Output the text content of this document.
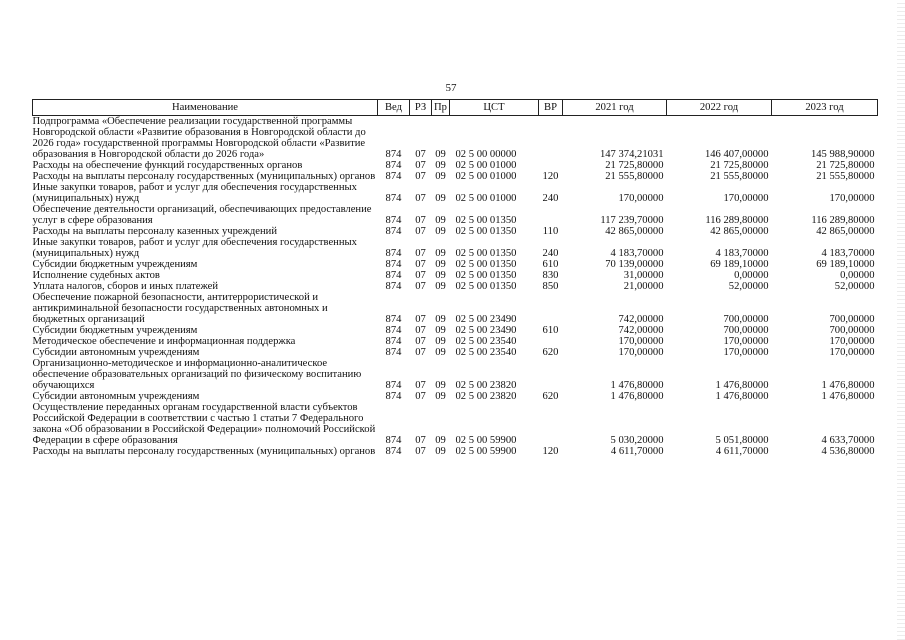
57
Наименование	Вед	РЗ	Пр	ЦСТ	ВР	2021 год	2022 год	2023 год
Подпрограмма «Обеспечение реализации государственной программы Новгородской области «Развитие образования в Новгородской области до 2026 года» государственной программы Новгородской области «Развитие образования в Новгородской области до 2026 года»	874	07	09	02 5 00 00000		147 374,21031	146 407,00000	145 988,90000
Расходы на обеспечение функций государственных органов	874	07	09	02 5 00 01000		21 725,80000	21 725,80000	21 725,80000
Расходы на выплаты персоналу государственных (муниципальных) органов	874	07	09	02 5 00 01000	120	21 555,80000	21 555,80000	21 555,80000
Иные закупки товаров, работ и услуг для обеспечения государственных (муниципальных) нужд	874	07	09	02 5 00 01000	240	170,00000	170,00000	170,00000
Обеспечение деятельности организаций, обеспечивающих предоставление услуг в сфере образования	874	07	09	02 5 00 01350		117 239,70000	116 289,80000	116 289,80000
Расходы на выплаты персоналу казенных учреждений	874	07	09	02 5 00 01350	110	42 865,00000	42 865,00000	42 865,00000
Иные закупки товаров, работ и услуг для обеспечения государственных (муниципальных) нужд	874	07	09	02 5 00 01350	240	4 183,70000	4 183,70000	4 183,70000
Субсидии бюджетным учреждениям	874	07	09	02 5 00 01350	610	70 139,00000	69 189,10000	69 189,10000
Исполнение судебных актов	874	07	09	02 5 00 01350	830	31,00000	0,00000	0,00000
Уплата налогов, сборов и иных платежей	874	07	09	02 5 00 01350	850	21,00000	52,00000	52,00000
Обеспечение пожарной безопасности, антитеррористической и антикриминальной безопасности государственных автономных и бюджетных организаций	874	07	09	02 5 00 23490		742,00000	700,00000	700,00000
Субсидии бюджетным учреждениям	874	07	09	02 5 00 23490	610	742,00000	700,00000	700,00000
Методическое обеспечение и информационная поддержка	874	07	09	02 5 00 23540		170,00000	170,00000	170,00000
Субсидии автономным учреждениям	874	07	09	02 5 00 23540	620	170,00000	170,00000	170,00000
Организационно-методическое и информационно-аналитическое обеспечение образовательных организаций по физическому воспитанию обучающихся	874	07	09	02 5 00 23820		1 476,80000	1 476,80000	1 476,80000
Субсидии автономным учреждениям	874	07	09	02 5 00 23820	620	1 476,80000	1 476,80000	1 476,80000
Осуществление переданных органам государственной власти субъектов Российской Федерации в соответствии с частью 1 статьи 7 Федерального закона «Об образовании в Российской Федерации» полномочий Российской Федерации в сфере образования	874	07	09	02 5 00 59900		5 030,20000	5 051,80000	4 633,70000
Расходы на выплаты персоналу государственных (муниципальных) органов	874	07	09	02 5 00 59900	120	4 611,70000	4 611,70000	4 536,80000
